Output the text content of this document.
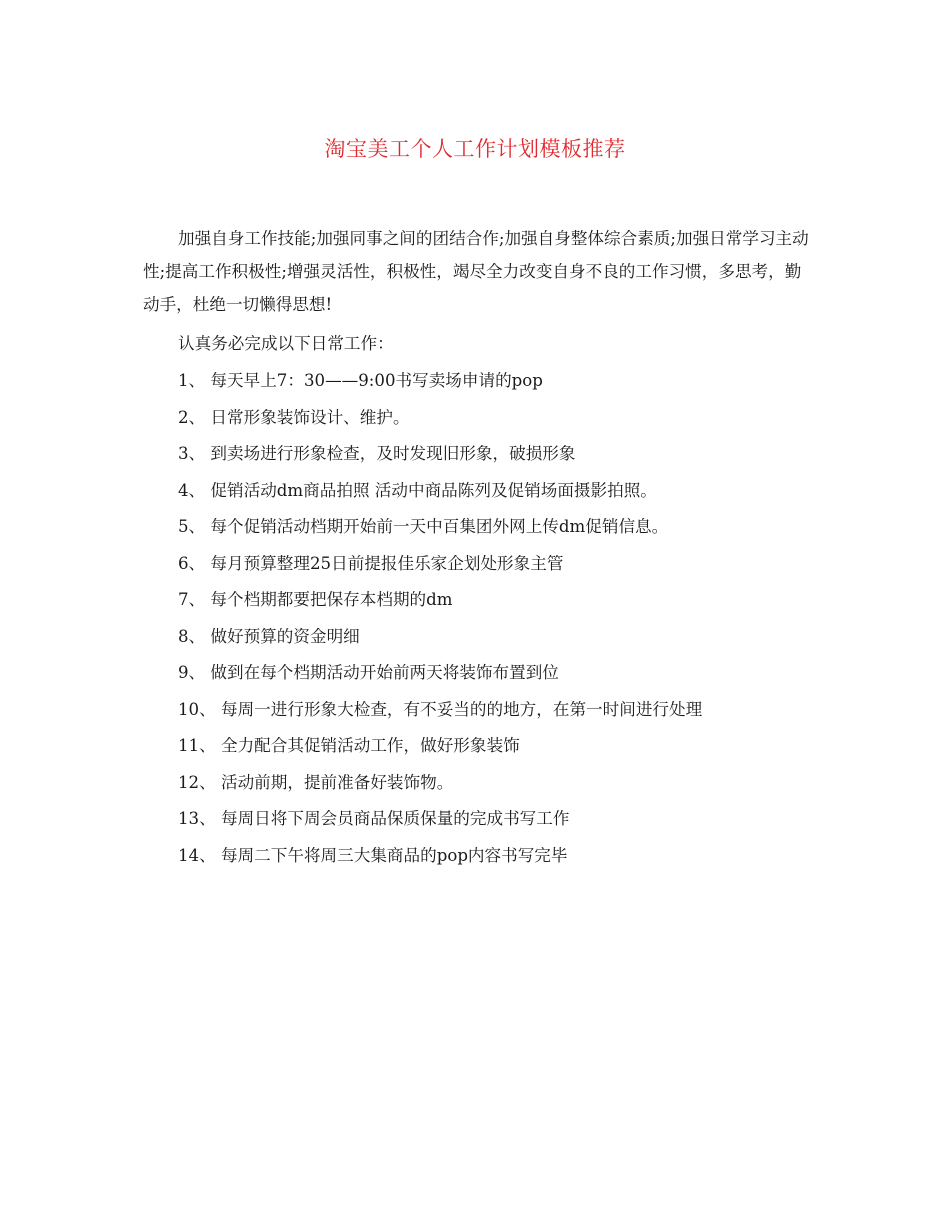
淘宝美工个人工作计划模板推荐

加强自身工作技能;加强同事之间的团结合作;加强自身整体综合素质;加强日常学习主动性;提高工作积极性;增强灵活性，积极性，竭尽全力改变自身不良的工作习惯，多思考，勤动手，杜绝一切懒得思想!

认真务必完成以下日常工作：
1、 每天早上7：30——9:00书写卖场申请的pop
2、 日常形象装饰设计、维护。
3、 到卖场进行形象检查，及时发现旧形象，破损形象
4、 促销活动dm商品拍照 活动中商品陈列及促销场面摄影拍照。
5、 每个促销活动档期开始前一天中百集团外网上传dm促销信息。
6、 每月预算整理25日前提报佳乐家企划处形象主管
7、 每个档期都要把保存本档期的dm
8、 做好预算的资金明细
9、 做到在每个档期活动开始前两天将装饰布置到位
10、 每周一进行形象大检查，有不妥当的的地方，在第一时间进行处理
11、 全力配合其促销活动工作，做好形象装饰
12、 活动前期，提前准备好装饰物。
13、 每周日将下周会员商品保质保量的完成书写工作
14、 每周二下午将周三大集商品的pop内容书写完毕
